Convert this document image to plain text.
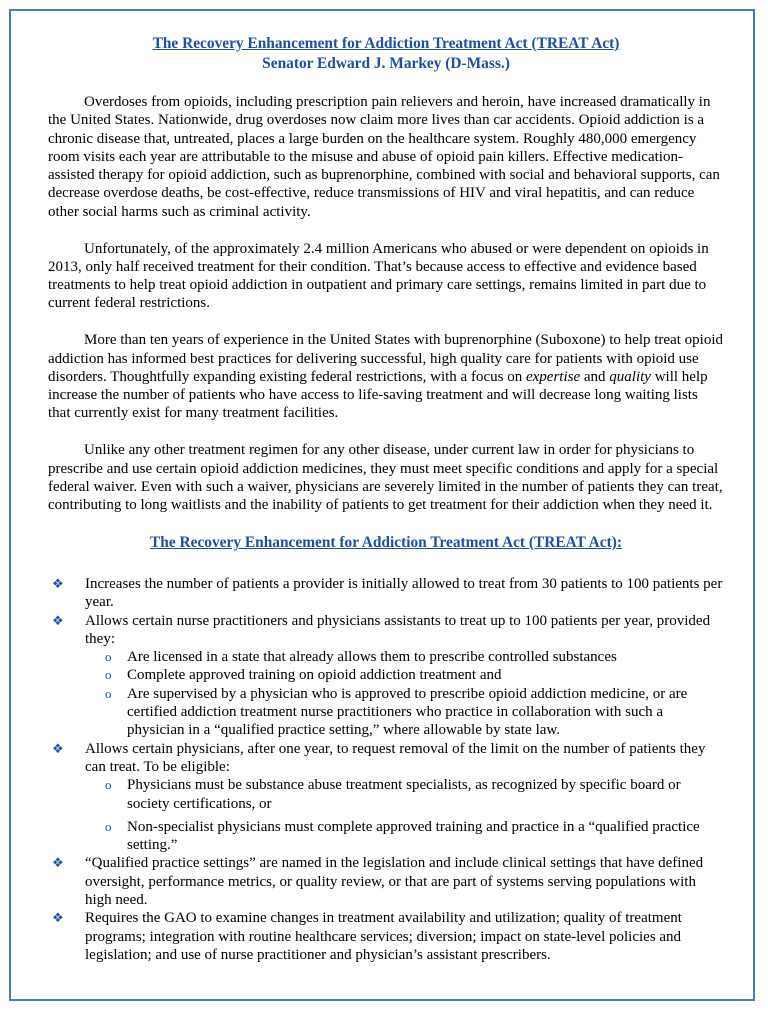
The Recovery Enhancement for Addiction Treatment Act (TREAT Act)
Senator Edward J. Markey (D-Mass.)

Overdoses from opioids, including prescription pain relievers and heroin, have increased dramatically in the United States. Nationwide, drug overdoses now claim more lives than car accidents. Opioid addiction is a chronic disease that, untreated, places a large burden on the healthcare system. Roughly 480,000 emergency room visits each year are attributable to the misuse and abuse of opioid pain killers. Effective medication-assisted therapy for opioid addiction, such as buprenorphine, combined with social and behavioral supports, can decrease overdose deaths, be cost-effective, reduce transmissions of HIV and viral hepatitis, and can reduce other social harms such as criminal activity.

Unfortunately, of the approximately 2.4 million Americans who abused or were dependent on opioids in 2013, only half received treatment for their condition. That’s because access to effective and evidence based treatments to help treat opioid addiction in outpatient and primary care settings, remains limited in part due to current federal restrictions.

More than ten years of experience in the United States with buprenorphine (Suboxone) to help treat opioid addiction has informed best practices for delivering successful, high quality care for patients with opioid use disorders. Thoughtfully expanding existing federal restrictions, with a focus on expertise and quality will help increase the number of patients who have access to life-saving treatment and will decrease long waiting lists that currently exist for many treatment facilities.

Unlike any other treatment regimen for any other disease, under current law in order for physicians to prescribe and use certain opioid addiction medicines, they must meet specific conditions and apply for a special federal waiver. Even with such a waiver, physicians are severely limited in the number of patients they can treat, contributing to long waitlists and the inability of patients to get treatment for their addiction when they need it.

The Recovery Enhancement for Addiction Treatment Act (TREAT Act):
❖ Increases the number of patients a provider is initially allowed to treat from 30 patients to 100 patients per year.
❖ Allows certain nurse practitioners and physicians assistants to treat up to 100 patients per year, provided they:
o Are licensed in a state that already allows them to prescribe controlled substances
o Complete approved training on opioid addiction treatment and
o Are supervised by a physician who is approved to prescribe opioid addiction medicine, or are certified addiction treatment nurse practitioners who practice in collaboration with such a physician in a “qualified practice setting,” where allowable by state law.
❖ Allows certain physicians, after one year, to request removal of the limit on the number of patients they can treat. To be eligible:
o Physicians must be substance abuse treatment specialists, as recognized by specific board or society certifications, or
o Non-specialist physicians must complete approved training and practice in a “qualified practice setting.”
❖ “Qualified practice settings” are named in the legislation and include clinical settings that have defined oversight, performance metrics, or quality review, or that are part of systems serving populations with high need.
❖ Requires the GAO to examine changes in treatment availability and utilization; quality of treatment programs; integration with routine healthcare services; diversion; impact on state-level policies and legislation; and use of nurse practitioner and physician’s assistant prescribers.
